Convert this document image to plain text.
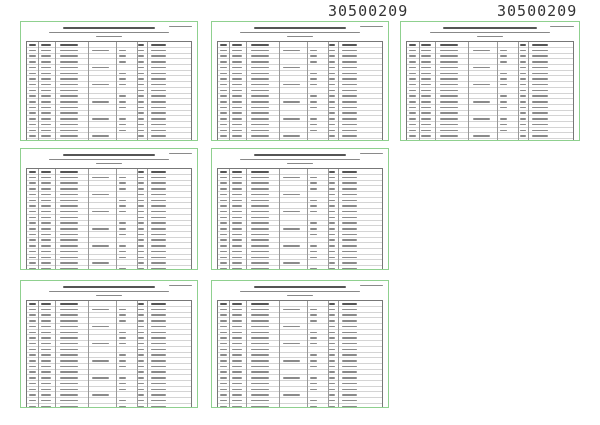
30500209	30500209
